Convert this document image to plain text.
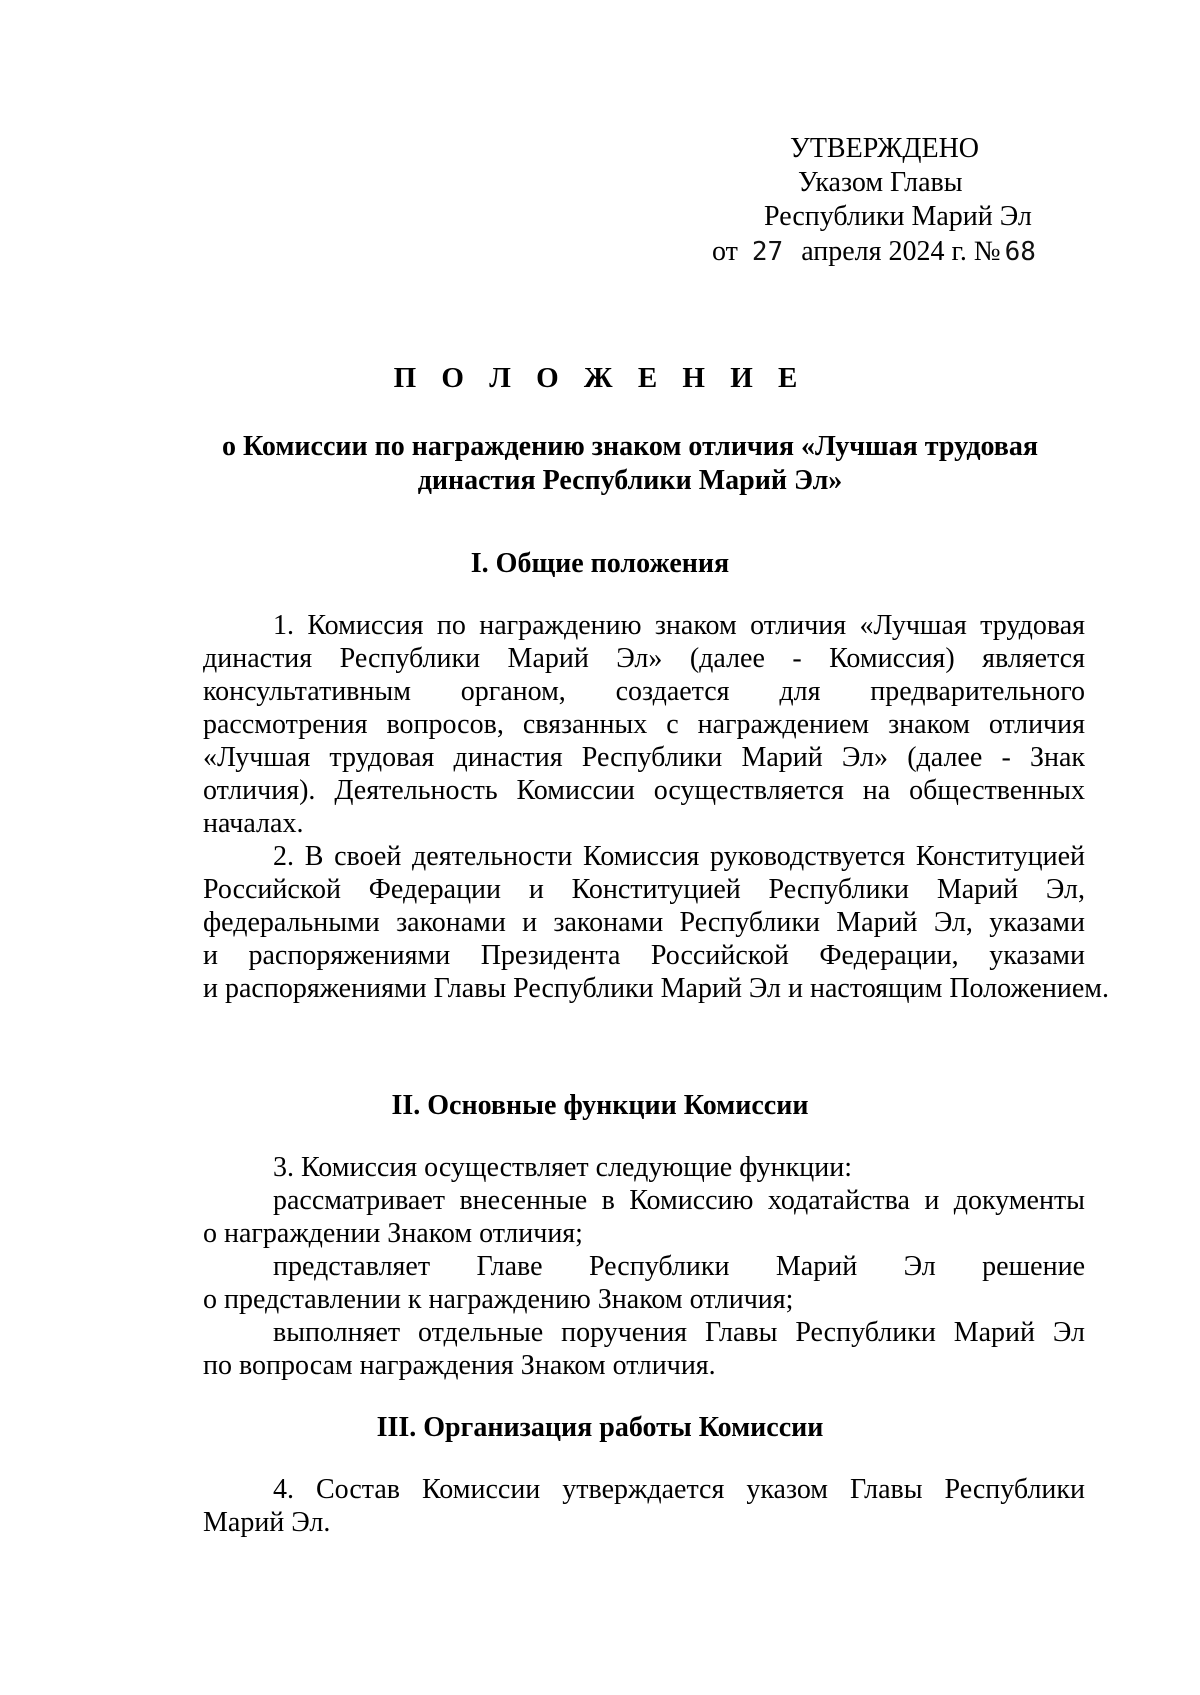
УТВЕРЖДЕНО
Указом Главы
Республики Марий Эл
от 27 апреля 2024 г. № 68
П О Л О Ж Е Н И Е
о Комиссии по награждению знаком отличия «Лучшая трудовая
династия Республики Марий Эл»
I. Общие положения
1. Комиссия по награждению знаком отличия «Лучшая трудовая
династия Республики Марий Эл» (далее - Комиссия) является
консультативным органом, создается для предварительного
рассмотрения вопросов, связанных с награждением знаком отличия
«Лучшая трудовая династия Республики Марий Эл» (далее - Знак
отличия). Деятельность Комиссии осуществляется на общественных
началах.
2. В своей деятельности Комиссия руководствуется Конституцией
Российской Федерации и Конституцией Республики Марий Эл,
федеральными законами и законами Республики Марий Эл, указами
и распоряжениями Президента Российской Федерации, указами
и распоряжениями Главы Республики Марий Эл и настоящим Положением.
II. Основные функции Комиссии
3. Комиссия осуществляет следующие функции:
рассматривает внесенные в Комиссию ходатайства и документы
о награждении Знаком отличия;
представляет Главе Республики Марий Эл решение
о представлении к награждению Знаком отличия;
выполняет отдельные поручения Главы Республики Марий Эл
по вопросам награждения Знаком отличия.
III. Организация работы Комиссии
4. Состав Комиссии утверждается указом Главы Республики
Марий Эл.
